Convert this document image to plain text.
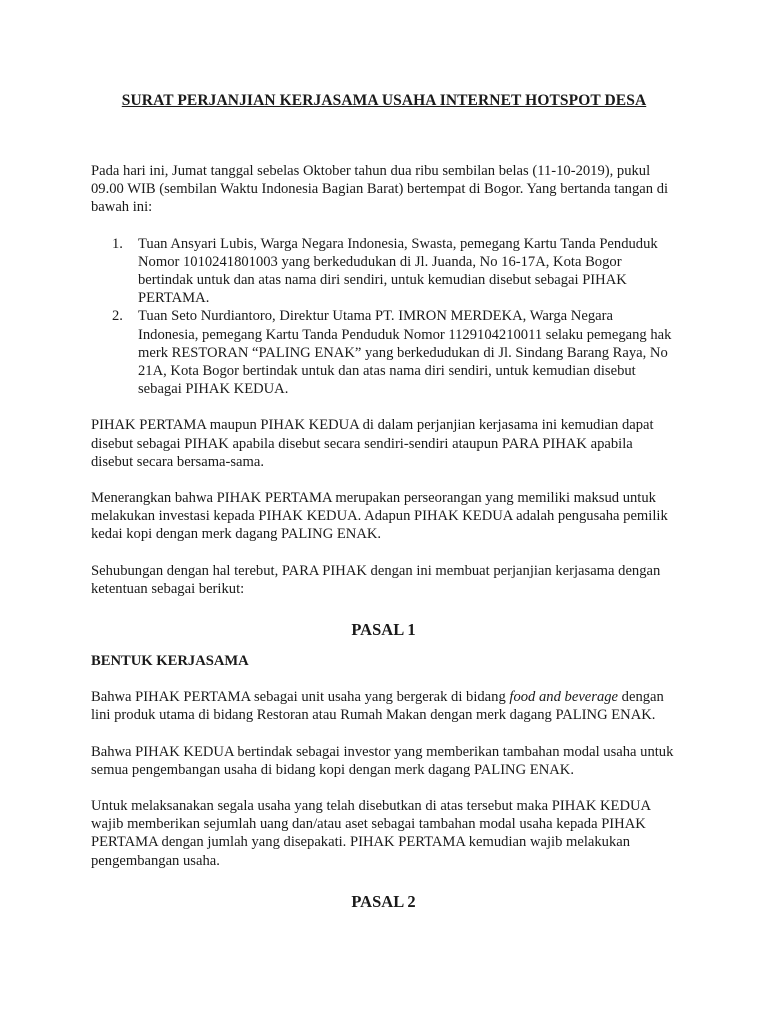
SURAT PERJANJIAN KERJASAMA USAHA INTERNET HOTSPOT DESA

Pada hari ini, Jumat tanggal sebelas Oktober tahun dua ribu sembilan belas (11-10-2019), pukul 09.00 WIB (sembilan Waktu Indonesia Bagian Barat) bertempat di Bogor. Yang bertanda tangan di bawah ini:

1. Tuan Ansyari Lubis, Warga Negara Indonesia, Swasta, pemegang Kartu Tanda Penduduk Nomor 1010241801003 yang berkedudukan di Jl. Juanda, No 16-17A, Kota Bogor bertindak untuk dan atas nama diri sendiri, untuk kemudian disebut sebagai PIHAK PERTAMA.
2. Tuan Seto Nurdiantoro, Direktur Utama PT. IMRON MERDEKA, Warga Negara Indonesia, pemegang Kartu Tanda Penduduk Nomor 1129104210011 selaku pemegang hak merk RESTORAN “PALING ENAK” yang berkedudukan di Jl. Sindang Barang Raya, No 21A, Kota Bogor bertindak untuk dan atas nama diri sendiri, untuk kemudian disebut sebagai PIHAK KEDUA.

PIHAK PERTAMA maupun PIHAK KEDUA di dalam perjanjian kerjasama ini kemudian dapat disebut sebagai PIHAK apabila disebut secara sendiri-sendiri ataupun PARA PIHAK apabila disebut secara bersama-sama.

Menerangkan bahwa PIHAK PERTAMA merupakan perseorangan yang memiliki maksud untuk melakukan investasi kepada PIHAK KEDUA. Adapun PIHAK KEDUA adalah pengusaha pemilik kedai kopi dengan merk dagang PALING ENAK.

Sehubungan dengan hal terebut, PARA PIHAK dengan ini membuat perjanjian kerjasama dengan ketentuan sebagai berikut:

PASAL 1

BENTUK KERJASAMA

Bahwa PIHAK PERTAMA sebagai unit usaha yang bergerak di bidang food and beverage dengan lini produk utama di bidang Restoran atau Rumah Makan dengan merk dagang PALING ENAK.

Bahwa PIHAK KEDUA bertindak sebagai investor yang memberikan tambahan modal usaha untuk semua pengembangan usaha di bidang kopi dengan merk dagang PALING ENAK.

Untuk melaksanakan segala usaha yang telah disebutkan di atas tersebut maka PIHAK KEDUA wajib memberikan sejumlah uang dan/atau aset sebagai tambahan modal usaha kepada PIHAK PERTAMA dengan jumlah yang disepakati. PIHAK PERTAMA kemudian wajib melakukan pengembangan usaha.

PASAL 2
